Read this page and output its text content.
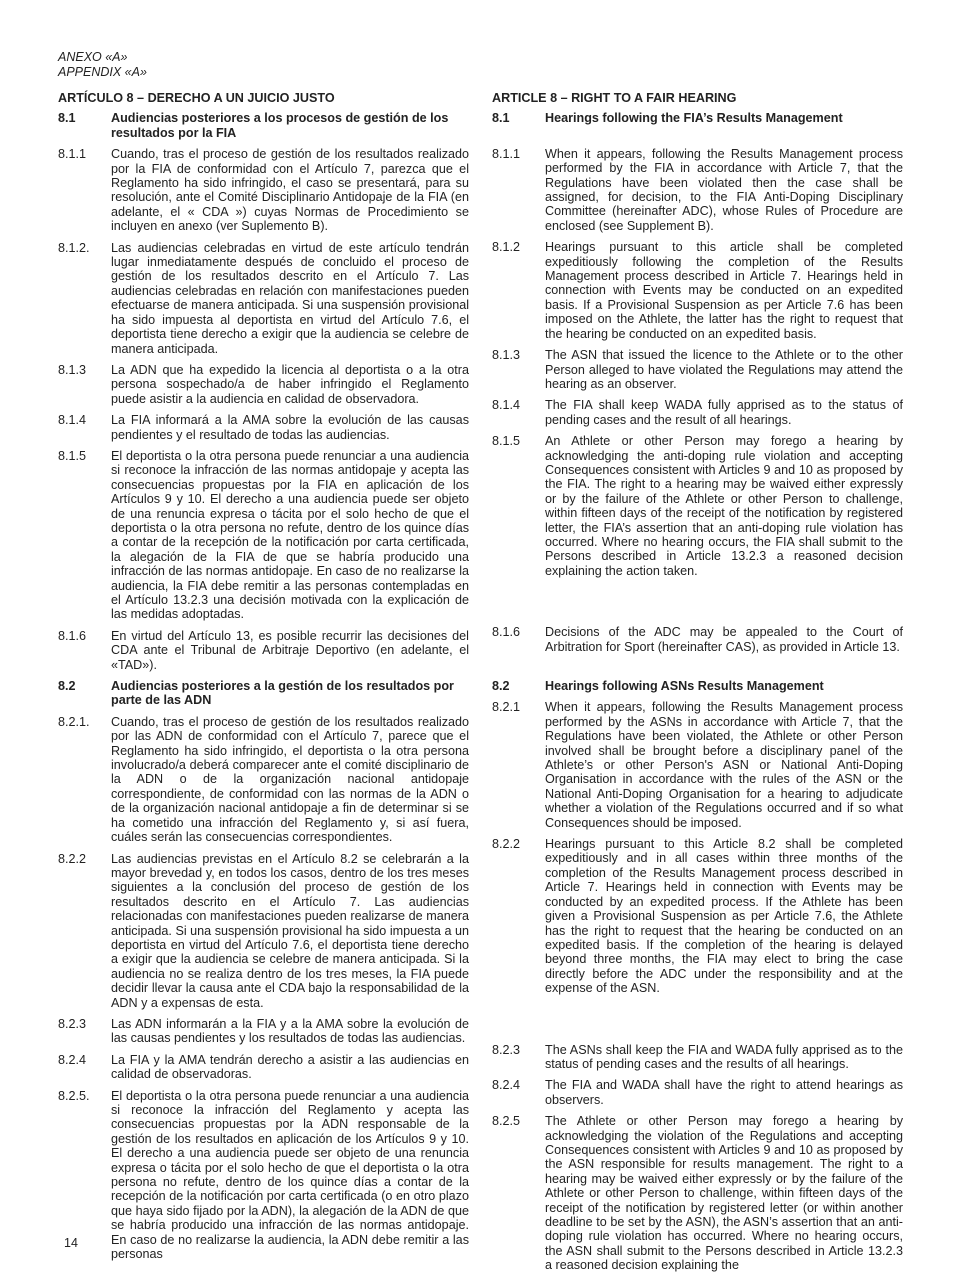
ANEXO «A»
APPENDIX «A»
ARTÍCULO 8 – DERECHO A UN JUICIO JUSTO
8.1	Audiencias posteriores a los procesos de gestión de los resultados por la FIA
8.1.1	Cuando, tras el proceso de gestión de los resultados realizado por la FIA de conformidad con el Artículo 7, parezca que el Reglamento ha sido infringido, el caso se presentará, para su resolución, ante el Comité Disciplinario Antidopaje de la FIA (en adelante, el « CDA ») cuyas Normas de Procedimiento se incluyen en anexo (ver Suplemento B).
8.1.2.	Las audiencias celebradas en virtud de este artículo tendrán lugar inmediatamente después de concluido el proceso de gestión de los resultados descrito en el Artículo 7. Las audiencias celebradas en relación con manifestaciones pueden efectuarse de manera anticipada. Si una suspensión provisional ha sido impuesta al deportista en virtud del Artículo 7.6, el deportista tiene derecho a exigir que la audiencia se celebre de manera anticipada.
8.1.3	La ADN que ha expedido la licencia al deportista o a la otra persona sospechado/a de haber infringido el Reglamento puede asistir a la audiencia en calidad de observadora.
8.1.4	La FIA informará a la AMA sobre la evolución de las causas pendientes y el resultado de todas las audiencias.
8.1.5	El deportista o la otra persona puede renunciar a una audiencia si reconoce la infracción de las normas antidopaje y acepta las consecuencias propuestas por la FIA en aplicación de los Artículos 9 y 10. El derecho a una audiencia puede ser objeto de una renuncia expresa o tácita por el solo hecho de que el deportista o la otra persona no refute, dentro de los quince días a contar de la recepción de la notificación por carta certificada, la alegación de la FIA de que se habría producido una infracción de las normas antidopaje. En caso de no realizarse la audiencia, la FIA debe remitir a las personas contempladas en el Artículo 13.2.3 una decisión motivada con la explicación de las medidas adoptadas.
8.1.6	En virtud del Artículo 13, es posible recurrir las decisiones del CDA ante el Tribunal de Arbitraje Deportivo (en adelante, el «TAD»).
8.2	Audiencias posteriores a la gestión de los resultados por parte de las ADN
8.2.1.	Cuando, tras el proceso de gestión de los resultados realizado por las ADN de conformidad con el Artículo 7, parece que el Reglamento ha sido infringido, el deportista o la otra persona involucrado/a deberá comparecer ante el comité disciplinario de la ADN o de la organización nacional antidopaje correspondiente, de conformidad con las normas de la ADN o de la organización nacional antidopaje a fin de determinar si se ha cometido una infracción del Reglamento y, si así fuera, cuáles serán las consecuencias correspondientes.
8.2.2	Las audiencias previstas en el Artículo 8.2 se celebrarán a la mayor brevedad y, en todos los casos, dentro de los tres meses siguientes a la conclusión del proceso de gestión de los resultados descrito en el Artículo 7. Las audiencias relacionadas con manifestaciones pueden realizarse de manera anticipada. Si una suspensión provisional ha sido impuesta a un deportista en virtud del Artículo 7.6, el deportista tiene derecho a exigir que la audiencia se celebre de manera anticipada. Si la audiencia no se realiza dentro de los tres meses, la FIA puede decidir llevar la causa ante el CDA bajo la responsabilidad de la ADN y a expensas de esta.
8.2.3	Las ADN informarán a la FIA y a la AMA sobre la evolución de las causas pendientes y los resultados de todas las audiencias.
8.2.4	La FIA y la AMA tendrán derecho a asistir a las audiencias en calidad de observadoras.
8.2.5.	El deportista o la otra persona puede renunciar a una audiencia si reconoce la infracción del Reglamento y acepta las consecuencias propuestas por la ADN responsable de la gestión de los resultados en aplicación de los Artículos 9 y 10. El derecho a una audiencia puede ser objeto de una renuncia expresa o tácita por el solo hecho de que el deportista o la otra persona no refute, dentro de los quince días a contar de la recepción de la notificación por carta certificada (o en otro plazo que haya sido fijado por la ADN), la alegación de la ADN de que se habría producido una infracción de las normas antidopaje. En caso de no realizarse la audiencia, la ADN debe remitir a las personas
ARTICLE 8 – RIGHT TO A FAIR HEARING
8.1	Hearings following the FIA’s Results Management
8.1.1	When it appears, following the Results Management process performed by the FIA in accordance with Article 7, that the Regulations have been violated then the case shall be assigned, for decision, to the FIA Anti-Doping Disciplinary Committee (hereinafter ADC), whose Rules of Procedure are enclosed (see Supplement B).
8.1.2	Hearings pursuant to this article shall be completed expeditiously following the completion of the Results Management process described in Article 7. Hearings held in connection with Events may be conducted on an expedited basis. If a Provisional Suspension as per Article 7.6 has been imposed on the Athlete, the latter has the right to request that the hearing be conducted on an expedited basis.
8.1.3	The ASN that issued the licence to the Athlete or to the other Person alleged to have violated the Regulations may attend the hearing as an observer.
8.1.4	The FIA shall keep WADA fully apprised as to the status of pending cases and the result of all hearings.
8.1.5	An Athlete or other Person may forego a hearing by acknowledging the anti-doping rule violation and accepting Consequences consistent with Articles 9 and 10 as proposed by the FIA. The right to a hearing may be waived either expressly or by the failure of the Athlete or other Person to challenge, within fifteen days of the receipt of the notification by registered letter, the FIA’s assertion that an anti-doping rule violation has occurred. Where no hearing occurs, the FIA shall submit to the Persons described in Article 13.2.3 a reasoned decision explaining the action taken.
8.1.6	Decisions of the ADC may be appealed to the Court of Arbitration for Sport (hereinafter CAS), as provided in Article 13.
8.2	Hearings following ASNs Results Management
8.2.1	When it appears, following the Results Management process performed by the ASNs in accordance with Article 7, that the Regulations have been violated, the Athlete or other Person involved shall be brought before a disciplinary panel of the Athlete’s or other Person's ASN or National Anti-Doping Organisation in accordance with the rules of the ASN or the National Anti-Doping Organisation for a hearing to adjudicate whether a violation of the Regulations occurred and if so what Consequences should be imposed.
8.2.2	Hearings pursuant to this Article 8.2 shall be completed expeditiously and in all cases within three months of the completion of the Results Management process described in Article 7. Hearings held in connection with Events may be conducted by an expedited process. If the Athlete has been given a Provisional Suspension as per Article 7.6, the Athlete has the right to request that the hearing be conducted on an expedited basis. If the completion of the hearing is delayed beyond three months, the FIA may elect to bring the case directly before the ADC under the responsibility and at the expense of the ASN.
8.2.3	The ASNs shall keep the FIA and WADA fully apprised as to the status of pending cases and the results of all hearings.
8.2.4	The FIA and WADA shall have the right to attend hearings as observers.
8.2.5	The Athlete or other Person may forego a hearing by acknowledging the violation of the Regulations and accepting Consequences consistent with Articles 9 and 10 as proposed by the ASN responsible for results management. The right to a hearing may be waived either expressly or by the failure of the Athlete or other Person to challenge, within fifteen days of the receipt of the notification by registered letter (or within another deadline to be set by the ASN), the ASN’s assertion that an anti-doping rule violation has occurred. Where no hearing occurs, the ASN shall submit to the Persons described in Article 13.2.3 a reasoned decision explaining the
14
